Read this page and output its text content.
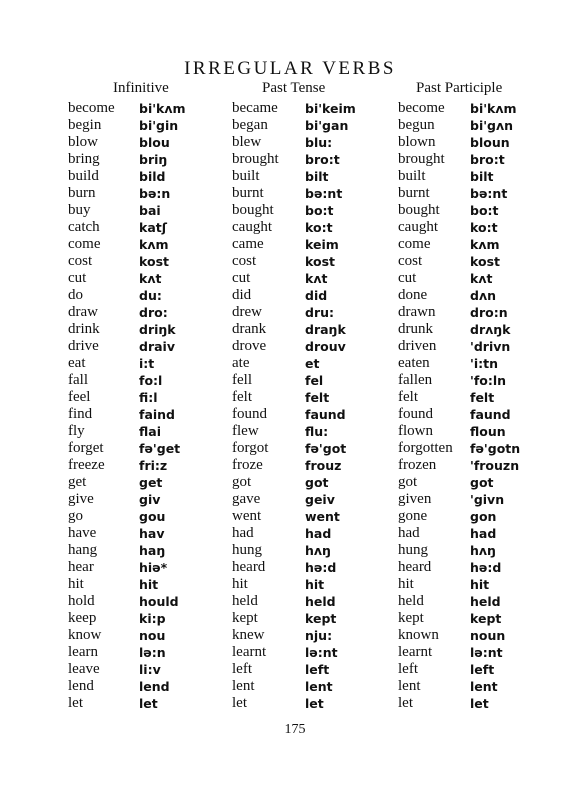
IRREGULAR VERBS
Infinitive	Past Tense	Past Participle
become bi'kʌm	became bi'keim	become bi'kʌm
begin	bi'gin	began	bi'gan	begun	bi'gʌn
blow	blou	blew	blu:	blown	bloun
bring	briŋ	brought bro:t	brought bro:t
build	bild	built	bilt	built	bilt
burn	bə:n	burnt	bə:nt	burnt	bə:nt
buy	bai	bought	bo:t	bought bo:t
catch	katʃ	caught	ko:t	caught	ko:t
come	kʌm	came	keim	come	kʌm
cost	kost	cost	kost	cost	kost
cut	kʌt	cut	kʌt	cut	kʌt
do	du:	did	did	done	dʌn
draw	dro:	drew	dru:	drawn	dro:n
drink	driŋk	drank	draŋk	drunk	drʌŋk
drive	draiv	drove	drouv	driven	'drivn
eat	i:t	ate	et	eaten	'i:tn
fall	fo:l	fell	fel	fallen	'fo:ln
feel	fi:l	felt	felt	felt	felt
find	faind	found	faund	found	faund
fly	flai	flew	flu:	flown	floun
forget	fə'get	forgot	fə'got	forgotten fə'gotn
freeze	fri:z	froze	frouz	frozen	'frouzn
get	get	got	got	got	got
give	giv	gave	geiv	given	'givn
go	gou	went	went	gone	gon
have	hav	had	had	had	had
hang	haŋ	hung	hʌŋ	hung	hʌŋ
hear	hiə*	heard	hə:d	heard	hə:d
hit	hit	hit	hit	hit	hit
hold	hould	held	held	held	held
keep	ki:p	kept	kept	kept	kept
know	nou	knew	nju:	known noun
learn	lə:n	learnt	lə:nt	learnt	lə:nt
leave	li:v	left	left	left	left
lend	lend	lent	lent	lent	lent
let	let	let	let	let	let
175
